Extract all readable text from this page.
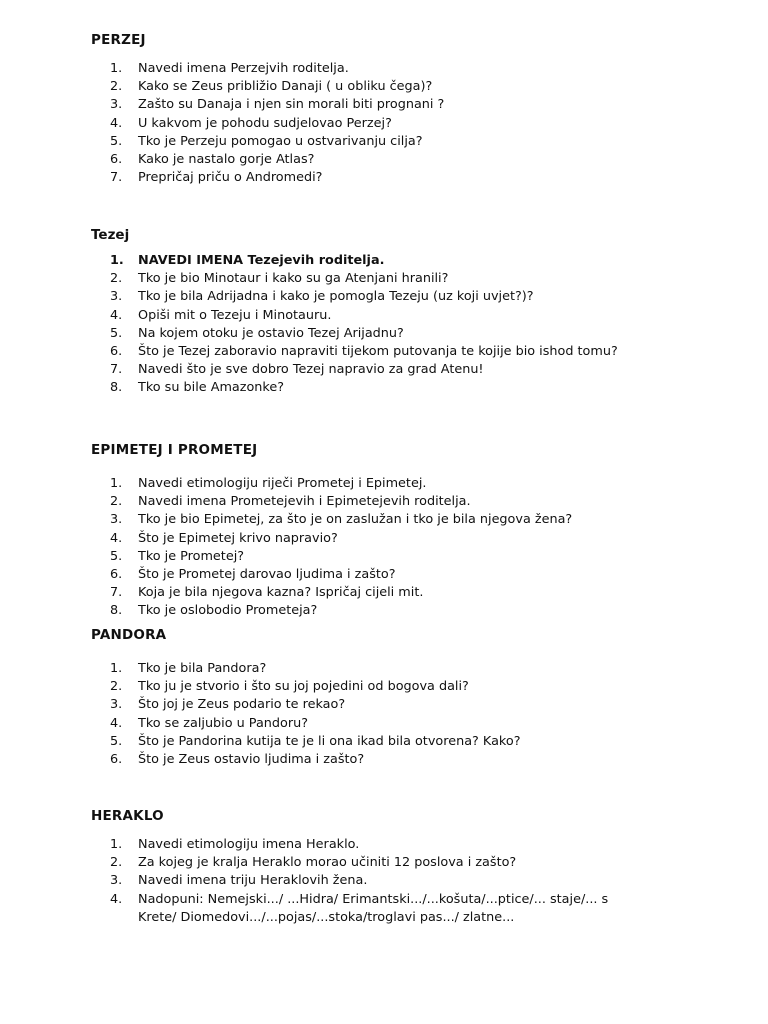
PERZEJ
1.	Navedi imena Perzejvih roditelja.
2.	Kako se Zeus približio Danaji ( u obliku čega)?
3.	Zašto su Danaja i njen sin morali biti prognani ?
4.	U kakvom je pohodu sudjelovao Perzej?
5.	Tko je Perzeju pomogao u ostvarivanju cilja?
6.	Kako je nastalo gorje Atlas?
7.	Prepričaj priču o Andromedi?
Tezej
1.	NAVEDI IMENA Tezejevih roditelja.
2.	Tko je bio Minotaur i kako su ga Atenjani hranili?
3.	Tko je bila Adrijadna i kako je pomogla Tezeju (uz koji uvjet?)?
4.	Opiši mit o Tezeju i Minotauru.
5.	Na kojem otoku je ostavio Tezej Arijadnu?
6.	Što je Tezej zaboravio napraviti tijekom putovanja te kojije bio ishod tomu?
7.	Navedi što je sve dobro Tezej napravio za grad Atenu!
8.	Tko su bile Amazonke?
EPIMETEJ I PROMETEJ
1.	Navedi etimologiju riječi Prometej i Epimetej.
2.	Navedi imena Prometejevih i Epimetejevih roditelja.
3.	Tko je bio Epimetej, za što je on zaslužan i tko je bila njegova žena?
4.	Što je Epimetej krivo napravio?
5.	Tko je Prometej?
6.	Što je Prometej darovao ljudima i zašto?
7.	Koja je bila njegova kazna? Ispričaj cijeli mit.
8.	Tko je oslobodio Prometeja?
PANDORA
1.	Tko je bila Pandora?
2.	Tko ju je stvorio i što su joj pojedini od bogova dali?
3.	Što joj je Zeus podario te rekao?
4.	Tko se zaljubio u Pandoru?
5.	Što je Pandorina kutija te je li ona ikad bila otvorena? Kako?
6.	Što je Zeus ostavio ljudima i zašto?
HERAKLO
1.	Navedi etimologiju imena Heraklo.
2.	Za kojeg je kralja Heraklo morao učiniti 12 poslova i zašto?
3.	Navedi imena triju Heraklovih žena.
4.	Nadopuni: Nemejski.../ ...Hidra/ Erimantski.../...košuta/...ptice/... staje/... s Krete/ Diomedovi.../...pojas/...stoka/troglavi pas.../ zlatne...
